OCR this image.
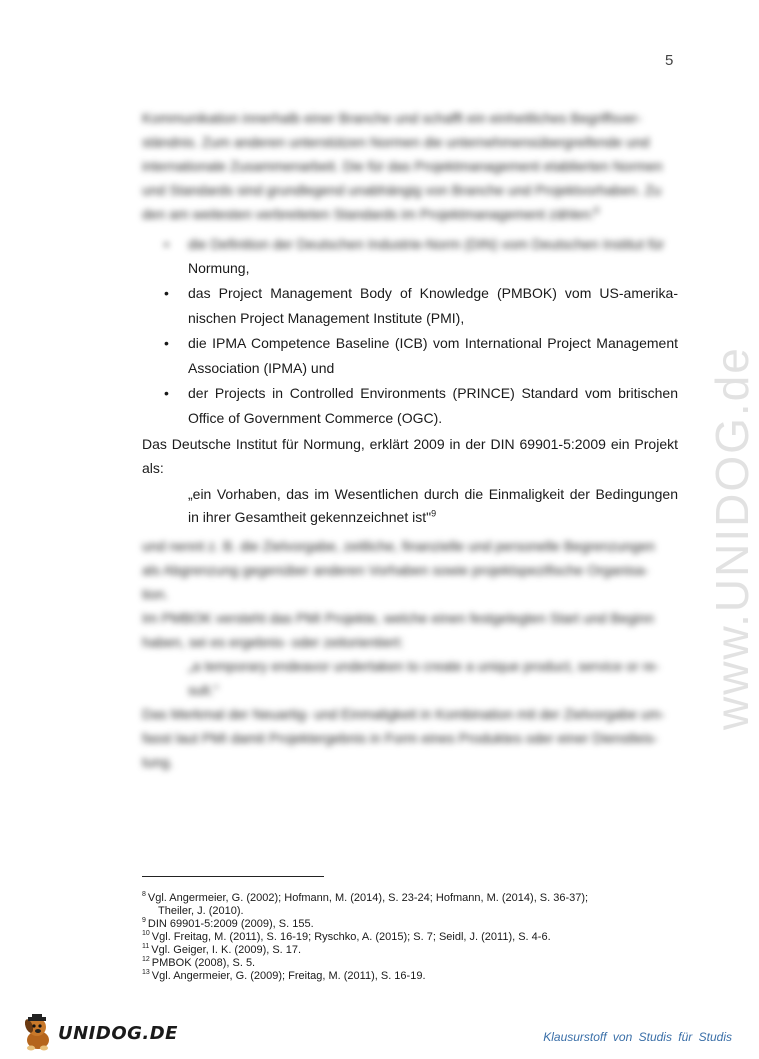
5
www.UNIDOG.de
Kommunikation innerhalb einer Branche und schafft ein einheitliches Begriffsver-
ständnis. Zum anderen unterstützen Normen die unternehmensübergreifende und
internationale Zusammenarbeit. Die für das Projektmanagement etablierten Normen
und Standards sind grundlegend unabhängig von Branche und Projektvorhaben. Zu
den am weitesten verbreiteten Standards im Projektmanagement zählen:$^8$
• die Definition der Deutschen Industrie-Norm (DIN) vom Deutschen Institut für
Normung,
• das Project Management Body of Knowledge (PMBOK) vom US-amerika-nischen Project Management Institute (PMI),
• die IPMA Competence Baseline (ICB) vom International Project Management Association (IPMA) und
• der Projects in Controlled Environments (PRINCE) Standard vom britischen Office of Government Commerce (OGC).

Das Deutsche Institut für Normung, erklärt 2009 in der DIN 69901-5:2009 ein Projekt als:

„ein Vorhaben, das im Wesentlichen durch die Einmaligkeit der Bedingungen in ihrer Gesamtheit gekennzeichnet ist"$^9$

und nennt z. B. die Zielvorgabe, zeitliche, finanzielle und personelle Begrenzungen
als Abgrenzung gegenüber anderen Vorhaben sowie projektspezifische Organisa-
tion.
Im PMBOK versteht das PMI Projekte, welche einen festgelegten Start und Beginn
haben, sei es ergebnis- oder zeitorientiert:
„a temporary endeavor undertaken to create a unique product, service or re-
sult."
Das Merkmal der Neuartig- und Einmaligkeit in Kombination mit der Zielvorgabe um-
fasst laut PMI damit Projektergebnis in Form eines Produktes oder einer Dienstleis-
tung.
$^8$ Vgl. Angermeier, G. (2002); Hofmann, M. (2014), S. 23-24; Hofmann, M. (2014), S. 36-37);
Theiler, J. (2010).
$^9$ DIN 69901-5:2009 (2009), S. 155.
$^{10}$ Vgl. Freitag, M. (2011), S. 16-19; Ryschko, A. (2015); S. 7; Seidl, J. (2011), S. 4-6.
$^{11}$ Vgl. Geiger, I. K. (2009), S. 17.
$^{12}$ PMBOK (2008), S. 5.
$^{13}$ Vgl. Angermeier, G. (2009); Freitag, M. (2011), S. 16-19.
UNIDOG.DE	Klausurstoff von Studis für Studis
